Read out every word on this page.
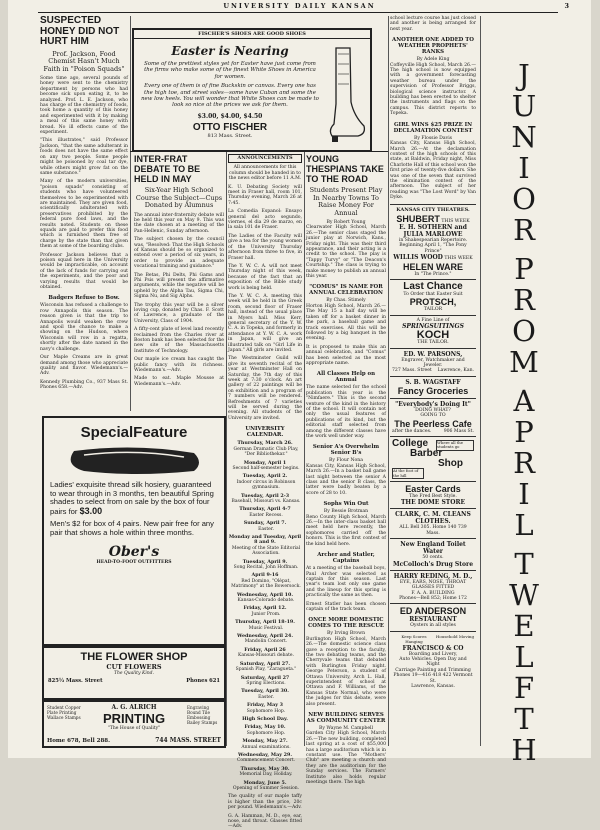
UNIVERSITY DAILY KANSAN	3
SUSPECTED HONEY DID NOT HURT HIM
Prof. Jackson, Food Chemist Hasn't Much Faith in "Poison Squads"

Some time ago, several pounds of honey were sent to the chemistry department by persons who had become sick upon eating it, to be analyzed. Prof. L. E. Jackson, who has charge of the chemistry of foods, took home a quantity of this honey and experimented with it by making a meal of this same honey with bread. No ill effects came of the experiment.

"This illustrates," said Professor Jackson, "that the same adulterant in foods does not have the same effect on any two people. Some people might be poisoned by coal tar dye, while others might grow fat on the same substance."

Many of the modern universities, "poison squads" consisting of students who have volunteered themselves to be experimented with are maintained. They are given food, scientifically adulterated with preservatives prohibited by the federal pure food laws, and the results noted. Students on these squads are paid to prefer this food which is furnished them free of charge by the state than that given them at some of the boarding clubs.

Professor Jackson believes that a poison squad here in the University would be impracticable, on account of the lack of funds for carrying out the experiments, and the poor and varying results that would be obtained.

Badgers Refuse to Bow.

Wisconsin has refused a challenge to row Annapolis this season. The reason given is that the trip to Annapolis would weaken the crew and spoil the chance to make a showing on the Hudson, where Wisconsin will row in a regatta, shortly after the date named in the navy's challenge.

Our Maple Creams are in great demand among those who appreciate quality and flavor. Wiedemann's.—Adv.

Kennedy Plumbing Co., 937 Mass St. Phones 658.—Adv.

FISCHER'S SHOES ARE GOOD SHOES
Easter is Nearing
Some of the prettiest styles yet for Easter have just come from the firms who make some of the finest White Shoes in America for women.
Every one of them is of fine Buckskin or canvas. Every one has the high toe, and street soles—some have Cuban and some the new low heels. You will wonder that White Shoes can be made to look so nice at the prices we ask for them.
$3.00, $4.00, $4.50
OTTO FISCHER
813 Mass. Street.
INTER-FRAT DEBATE TO BE HELD IN MAY
Six-Year High School Course the Subject—Cups Donated by Alumnus

The annual inter-fraternity debate will be held this year on May 9. This was the date chosen at a meeting of the Pan-Hellenic, Sunday afternoon.

The subject chosen by the council was, "Resolved: That the High Schools of Kansas should be so organized to extend over a period of six years, in order to provide an adequate vocational training and guidance."

The Betas, Phi Delts, Phi Gams and Phi Psis will present the affirmative arguments, while the negative will be upheld by the Alpha Tau, Sigma Chi, Sigma Nu, and Sig Alphs.

The trophy this year will be a silver loving cup, donated by Chas. F. Scott of Lawrence, a graduate of the University, Class of 1904.

A fifty-cent plate of level land recently reclaimed from the Charles river at Boston bank has been selected for the new site of the Massachusetts Institute of Technology.

Our maple ice cream has caught the public fancy with its richness. Wiedemann's.—Adv.

Made to eat. Maple Mousse at Wiedemann's.—Adv.

ANNOUNCEMENTS

All announcements for this column should be handed in to the news editor before 11 A.M.

K. U. Debating Society will meet in Fraser hall, room 101, Thursday evening, March 26 at 7:45.

La Comedia Espanol: Ensayo general del acto segundo, viernes, el dia 29 de marzo, en la sala 101 de Fraser.

The Ladies of the Faculty will give a tea for the young women of the University Thursday afternoon from three to five, in Fraser hall.

The Y. W. C. A. will not meet Thursday night of this week, because of the fact that an exposition of the Bible study work is being held.

The Y. W. C. A. meeting this week will be held in the Greek room, second floor of Fraser hall, instead of the usual place in Myers hall. Miss Kerr, general secretary of the Y. W. C. A. in Topeka, and formerly in attendance at Y. W. C. A. work in Japan, will give an illustrated talk on "Girl Life in Japan." All girls are invited.

The Westminster Guild will give its seventh recital of the year at Westminster Hall on Saturday, the 7th day of this week at 7:30 o'clock. An art gallery of 22 paintings will be on exhibition and a program of 7 numbers will be rendered. Refreshments of 7 varieties will be served during the evening. All students of the University are invited.

UNIVERSITY CALENDAR.
Thursday, March 26.
German Dramatic Club Play, "Der Bibliothekar."
Monday, April 1
Second half-semester begins.
Tuesday, April 2.
Indoor circus in Robinson gymnasium.
Tuesday, April 2-3
Baseball, Missouri vs. Kansas.
Thursday, April 4-7
Easter Recess.
Sunday, April 7.
Easter.
Monday and Tuesday, April 8 and 9.
Meeting of the State Editorial Association.
Tuesday, April 9.
Song Recital, John Hoffman.
April 9-16
Red Domino, "Olèpat, Matrimony" at the Bowersock.
Wednesday, April 10.
Kansas-Colorado debate.
Friday, April 12.
Junior Prom.
Thursday, April 18-19.
Music Festival.
Wednesday, April 24.
Mandolin Concert.
Friday, April 26
Kansas-Missouri debate.
Saturday, April 27.
Spanish Play, "Zaragueta."
Saturday, April 27
Spring Elections.
Tuesday, April 30.
Easter.
Friday, May 3
Sophomore Hop.
High School Day.
Friday, May 10.
Sophomore Hop.
Monday, May 27.
Annual examinations.
Wednesday, May 29.
Commencement Concert.
Thursday, May 30.
Memorial Day, Holiday.
Monday, June 5.
Opening of Summer Session.

The quality of our maple taffy is higher than the price, 20c per pound. Wiedemann's.—Adv.

G. A. Hamman, M. D., eye, ear, nose, and throat. Glasses fitted—Adv.

SpecialFeature
Ladies' exquisite thread silk hosiery, guaranteed to wear through in 3 months, ten beautiful Spring shades to select from on sale by the box of four pairs for $3.00
Men's $2 for box of 4 pairs. New pair free for any pair that shows a hole within three months.
Ober's
HEAD-TO-FOOT OUTFITTERS
THE FLOWER SHOP
CUT FLOWERS
The Quality Kind.
825½ Mass. Street	Phones 621
Student Copper Plate Printing Wallace Stamps
A. G. ALRICH
PRINTING
"The House of Quality"
Engraving Bound Tile Embossing Bailey Stamps
Home 678, Bell 288.	744 MASS. STREET
YOUNG THESPIANS TAKE TO THE ROAD
Students Present Play In Nearby Towns To Raise Money For Annual
By Robert Young

Clearwater High School, March 26.—The senior class staged the junior play at Norwich, Kans., Friday night. This was their third appearance, and their acting is a credit to the school. The play is "Tappy Turvy" or "The Deacon's Courtship." The class is trying to make money to publish an annual this year.

"COMUS" IS NAME FOR ANNUAL CELEBRATION
By Chas. Stimely

Horton High School, March 26.—The May 15 a half day will be taken off for a basket dinner in the park, a baseball game and track exercises. All this will be followed by a big banquet in the evening.

It is proposed to make this an annual celebration, and "Comus" has been selected as the most appropriate name.

All Classes Help on Annual

The name selected for the school publication this year is the "Nimfaere." This is the second venture of the kind in the history of the school. It will contain not only the usual features of publications of its kind, but the editorial staff selected from among the different classes have the work well under way.

Senior A's Overwhelm Senior B's
By Flour Nona

Kansas City, Kansas High School, March 26.—In a basket ball game last night between the senior A class and the senior B class, the latter were badly beaten by a score of 28 to 10.

Sophs Win Out
By Bessie Brotman

Reno County High School, March 26.—In the inter-class basket ball meet held here recently, the sophomores carried off the honors. This is the first contest of the kind held here.

Archer and Statler, Captains

At a meeting of the baseball boys, Paul Archer was selected as captain for this season. Last year's team lost only one game and the lineup for this spring is practically the same as then.

Ernest Statler has been chosen captain of the track team.

ONCE MORE DOMESTIC COMES TO THE RESCUE
By Irving Brown

Burlington High School, March 26.—The domestic science class gave a reception to the faculty, the two debating teams, and the Cherryvale teams that debated with Burlington Friday night. George Peterson, a student of Ottawa University, Arch L. Hall, superintendent of school at Ottawa and F. Williams, of the Kansas State Normal, who were the judges for this debate, were also present.

NEW BUILDING SERVES AS COMMUNITY CENTER
By Wayne M. Campbell

Garden City High School, March 26.—The new building, completed last spring at a cost of $55,000 has a large auditorium which is in constant use. The "Mothers' Club" are meeting a church and they are the auditorium for the Sunday services. The Farmers' Institute also holds regular meetings there. The high

school lecture course has just closed and another is being arranged for next year.

ANOTHER ONE ADDED TO WEATHER PROPHETS' RANKS
By Adele King

Coffeyville High School, March 26.—The high school is now equipped with a government forecasting weather bureau under the supervision of Professor Briggs, biological science instructor. A building has been erected to shelter the instruments and flags on the campus. This district reports to Topeka.

GIRL WINS $25 PRIZE IN DECLAMATION CONTEST
By Flossie Davis

Kansas City, Kansas High School, March 26.—At the declamation contest of the high schools of this state, at Baldwin, Friday night, Miss Charlotte Hall of this school won the first prize of twenty-five dollars. She was one of the seven that survived the elimination contest of the afternoon. The subject of her reading was "The Lost Word" by Van Dyke.

KANSAS CITY THEATRES.
SHUBERT THIS WEEK
E. H. SOTHERN and JULIA MARLOWE
in Shakespearian Repertoire. Beginning April 1, "The Pony Prince"
WILLIS WOOD THIS WEEK
HELEN WARE
In "The Prince."
Last Chance
To Order that Easter Suit
PROTSCH,
TAILOR
A Fine Line of
SPRINGSUITINGS
KOCH
THE TAILOR.
ED. W. PARSONS,
Engraver, Watchmaker and Jeweler.
727 Mass. Street Lawrence, Kan.
S. B. WAGSTAFF
Fancy Groceries
"Everybody's Doing It"
DOING WHAT?
GOING TO
The Peerless Cafe
after the dances.	906 Mass St.
College
Barber
Shop
Where all the students go
At the foot of the hill
Easter Cards
The Fred Best Style.
THE DOME STORE
CLARK, C. M. CLEANS CLOTHES.
ALL Bell 305. Home 140 739 Mass.
New England Toilet
Water
50 cents.
McColloch's Drug Store
HARRY REDING, M. D.,
EYE, EARS, NOSE, THROAT
GLASSES FITTED
F. A. A. BUILDING
Phones—Bell 852; Home 172
ED ANDERSON
RESTAURANT
Oysters in all styles
Keep Scores Hanging
Household Moving
FRANCISCO & CO
Boarding and Livery,
Auto Vehicles. Open Day and Night
Carriage Painting and Trimming
Phones 19—416 418 422 Vermont St.
Lawrence, Kansas.
J
U
N
I
O
R
P
R
O
M
A
P
R
I
L
T
W
E
L
F
T
H
